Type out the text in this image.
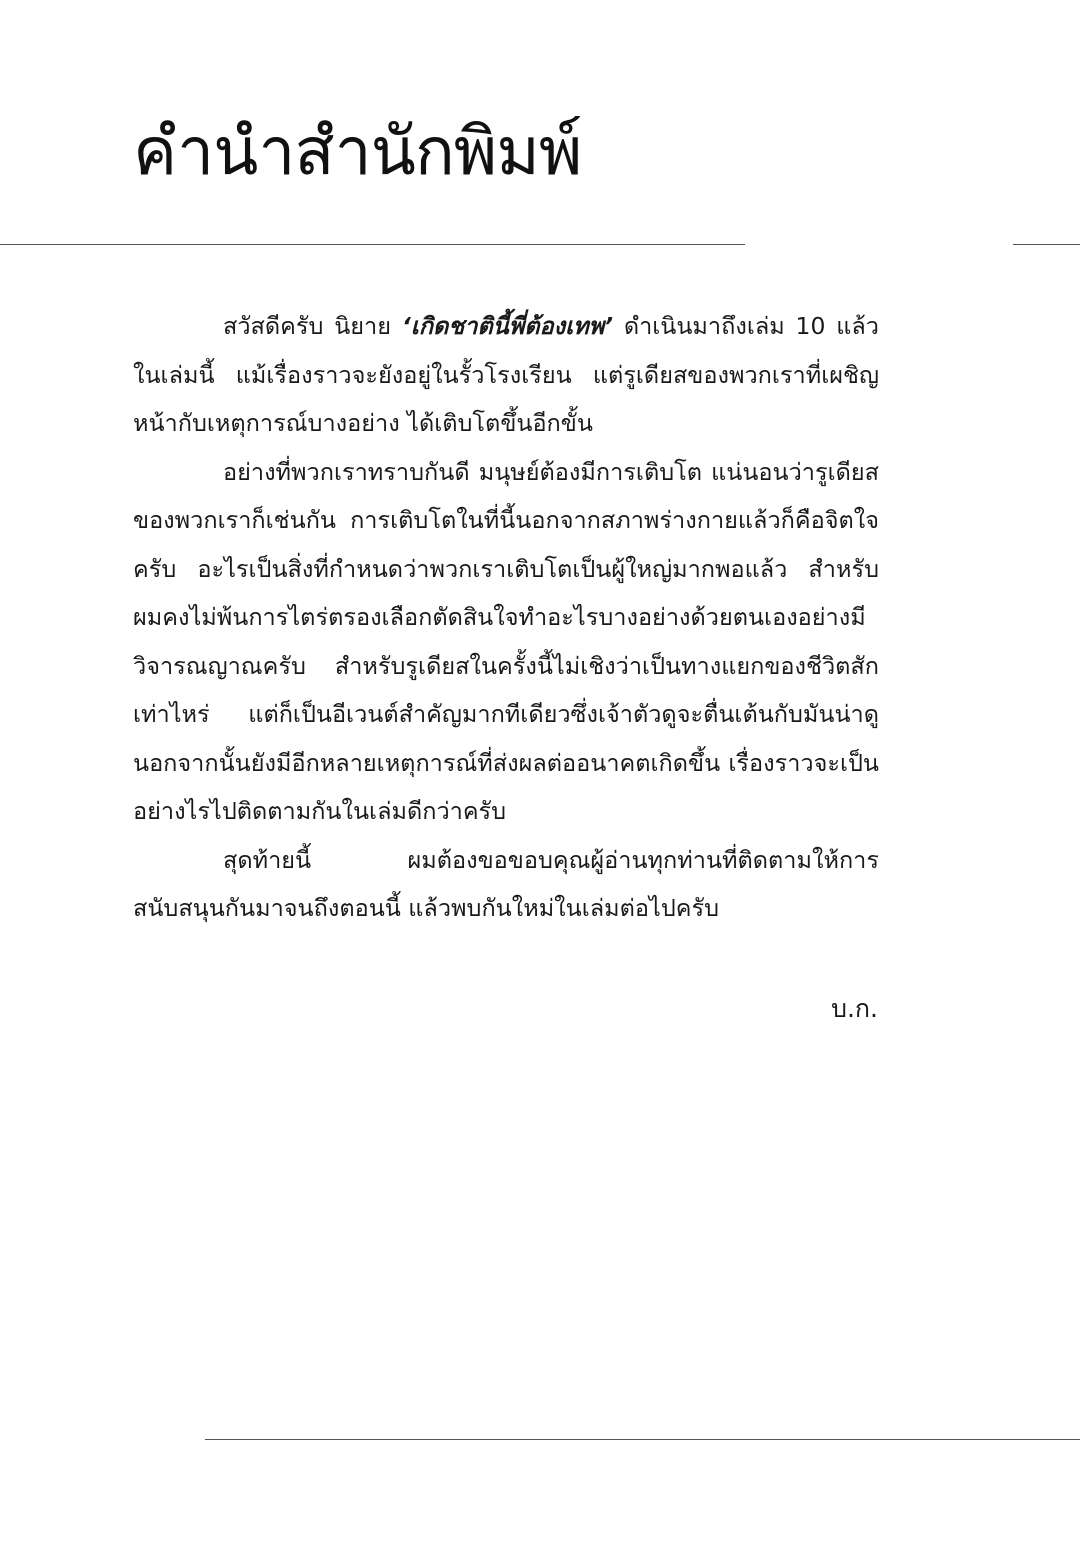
คำนำสำนักพิมพ์

สวัสดีครับ นิยาย ‘เกิดชาตินี้พี่ต้องเทพ’ ดำเนินมาถึงเล่ม 10 แล้ว ในเล่มนี้ แม้เรื่องราวจะยังอยู่ในรั้วโรงเรียน แต่รูเดียสของพวกเราที่เผชิญหน้ากับเหตุการณ์บางอย่าง ได้เติบโตขึ้นอีกขั้น

อย่างที่พวกเราทราบกันดี มนุษย์ต้องมีการเติบโต แน่นอนว่ารูเดียสของพวกเราก็เช่นกัน การเติบโตในที่นี้นอกจากสภาพร่างกายแล้วก็คือจิตใจครับ อะไรเป็นสิ่งที่กำหนดว่าพวกเราเติบโตเป็นผู้ใหญ่มากพอแล้ว สำหรับผมคงไม่พ้นการไตร่ตรองเลือกตัดสินใจทำอะไรบางอย่างด้วยตนเองอย่างมีวิจารณญาณครับ สำหรับรูเดียสในครั้งนี้ไม่เชิงว่าเป็นทางแยกของชีวิตสักเท่าไหร่ แต่ก็เป็นอีเวนต์สำคัญมากทีเดียวซึ่งเจ้าตัวดูจะตื่นเต้นกับมันน่าดู นอกจากนั้นยังมีอีกหลายเหตุการณ์ที่ส่งผลต่ออนาคตเกิดขึ้น เรื่องราวจะเป็นอย่างไรไปติดตามกันในเล่มดีกว่าครับ

สุดท้ายนี้ ผมต้องขอขอบคุณผู้อ่านทุกท่านที่ติดตามให้การสนับสนุนกันมาจนถึงตอนนี้ แล้วพบกันใหม่ในเล่มต่อไปครับ

บ.ก.
